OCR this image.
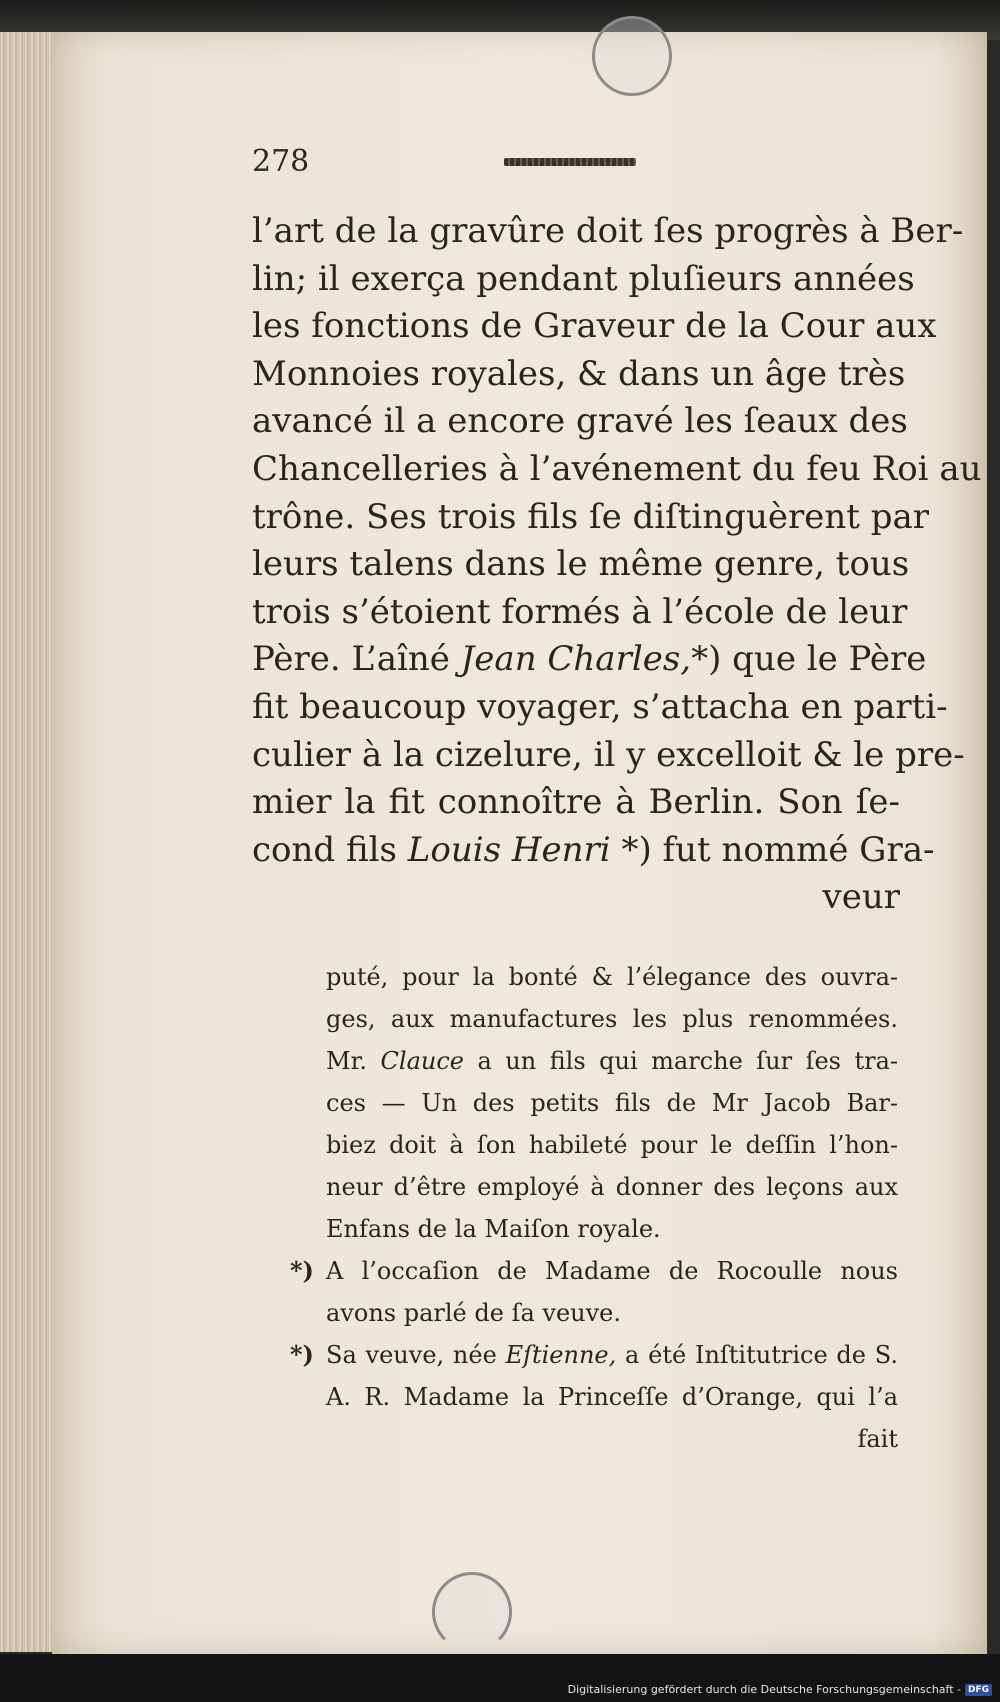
278
l’art de la gravûre doit ſes progrès à Ber-
lin; il exerça pendant pluſieurs années
les fonctions de Graveur de la Cour aux
Monnoies royales, & dans un âge très
avancé il a encore gravé les ſeaux des
Chancelleries à l’avénement du feu Roi au
trône. Ses trois fils ſe diſtinguèrent par
leurs talens dans le même genre, tous
trois s’étoient formés à l’école de leur
Père. L’aîné Jean Charles,*) que le Père
fit beaucoup voyager, s’attacha en parti-
culier à la cizelure, il y excelloit & le pre-
mier la fit connoître à Berlin. Son ſe-
cond fils Louis Henri *) fut nommé Gra-
veur
puté, pour la bonté & l’élegance des ouvra-
ges, aux manufactures les plus renommées.
Mr. Clauce a un fils qui marche ſur ſes tra-
ces — Un des petits fils de Mr Jacob Bar-
biez doit à ſon habileté pour le deſſin l’hon-
neur d’être employé à donner des leçons aux
Enfans de la Maiſon royale.
*) A l’occaſion de Madame de Rocoulle nous
avons parlé de ſa veuve.
*) Sa veuve, née Eſtienne, a été Inſtitutrice de S.
A. R. Madame la Princeſſe d’Orange, qui l’a
fait
Digitalisierung gefördert durch die Deutsche Forschungsgemeinschaft - DFG
